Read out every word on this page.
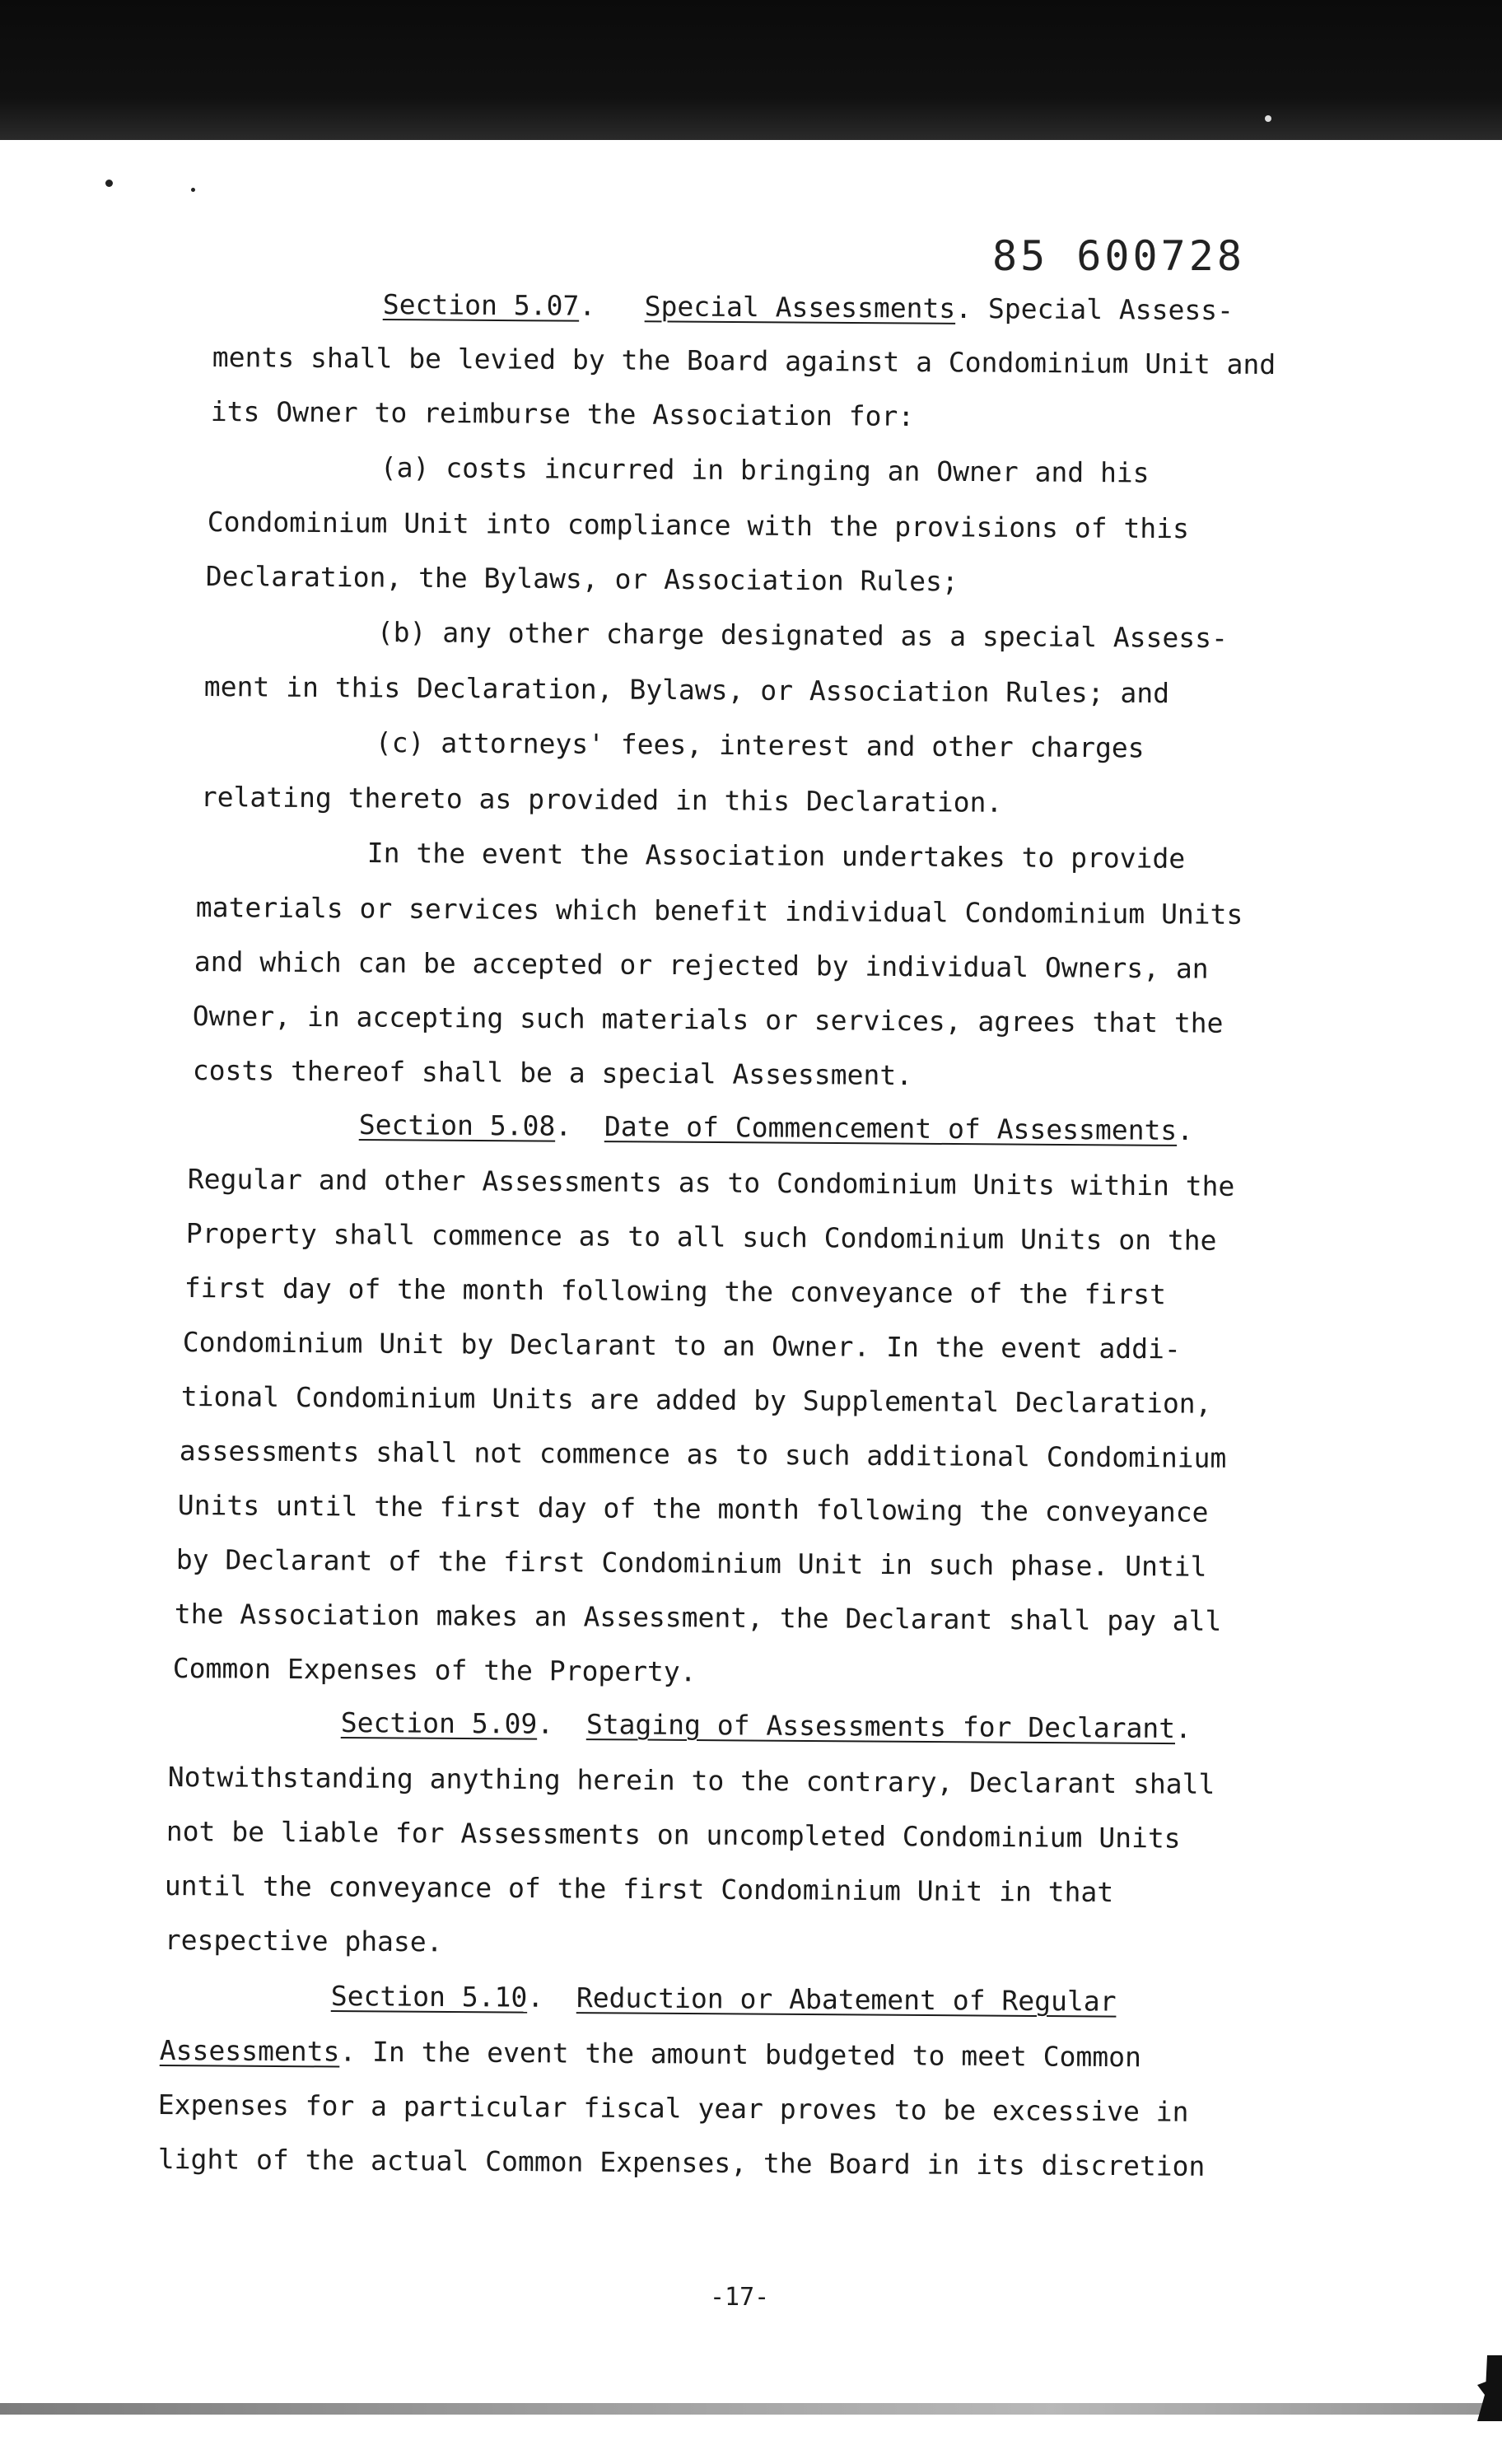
85 600728
Section 5.07. Special Assessments. Special Assess-
ments shall be levied by the Board against a Condominium Unit and
its Owner to reimburse the Association for:
(a) costs incurred in bringing an Owner and his
Condominium Unit into compliance with the provisions of this
Declaration, the Bylaws, or Association Rules;
(b) any other charge designated as a special Assess-
ment in this Declaration, Bylaws, or Association Rules; and
(c) attorneys' fees, interest and other charges
relating thereto as provided in this Declaration.
In the event the Association undertakes to provide
materials or services which benefit individual Condominium Units
and which can be accepted or rejected by individual Owners, an
Owner, in accepting such materials or services, agrees that the
costs thereof shall be a special Assessment.
Section 5.08.  Date of Commencement of Assessments.
Regular and other Assessments as to Condominium Units within the
Property shall commence as to all such Condominium Units on the
first day of the month following the conveyance of the first
Condominium Unit by Declarant to an Owner. In the event addi-
tional Condominium Units are added by Supplemental Declaration,
assessments shall not commence as to such additional Condominium
Units until the first day of the month following the conveyance
by Declarant of the first Condominium Unit in such phase. Until
the Association makes an Assessment, the Declarant shall pay all
Common Expenses of the Property.
Section 5.09.  Staging of Assessments for Declarant.
Notwithstanding anything herein to the contrary, Declarant shall
not be liable for Assessments on uncompleted Condominium Units
until the conveyance of the first Condominium Unit in that
respective phase.
Section 5.10.  Reduction or Abatement of Regular
Assessments. In the event the amount budgeted to meet Common
Expenses for a particular fiscal year proves to be excessive in
light of the actual Common Expenses, the Board in its discretion
-17-
